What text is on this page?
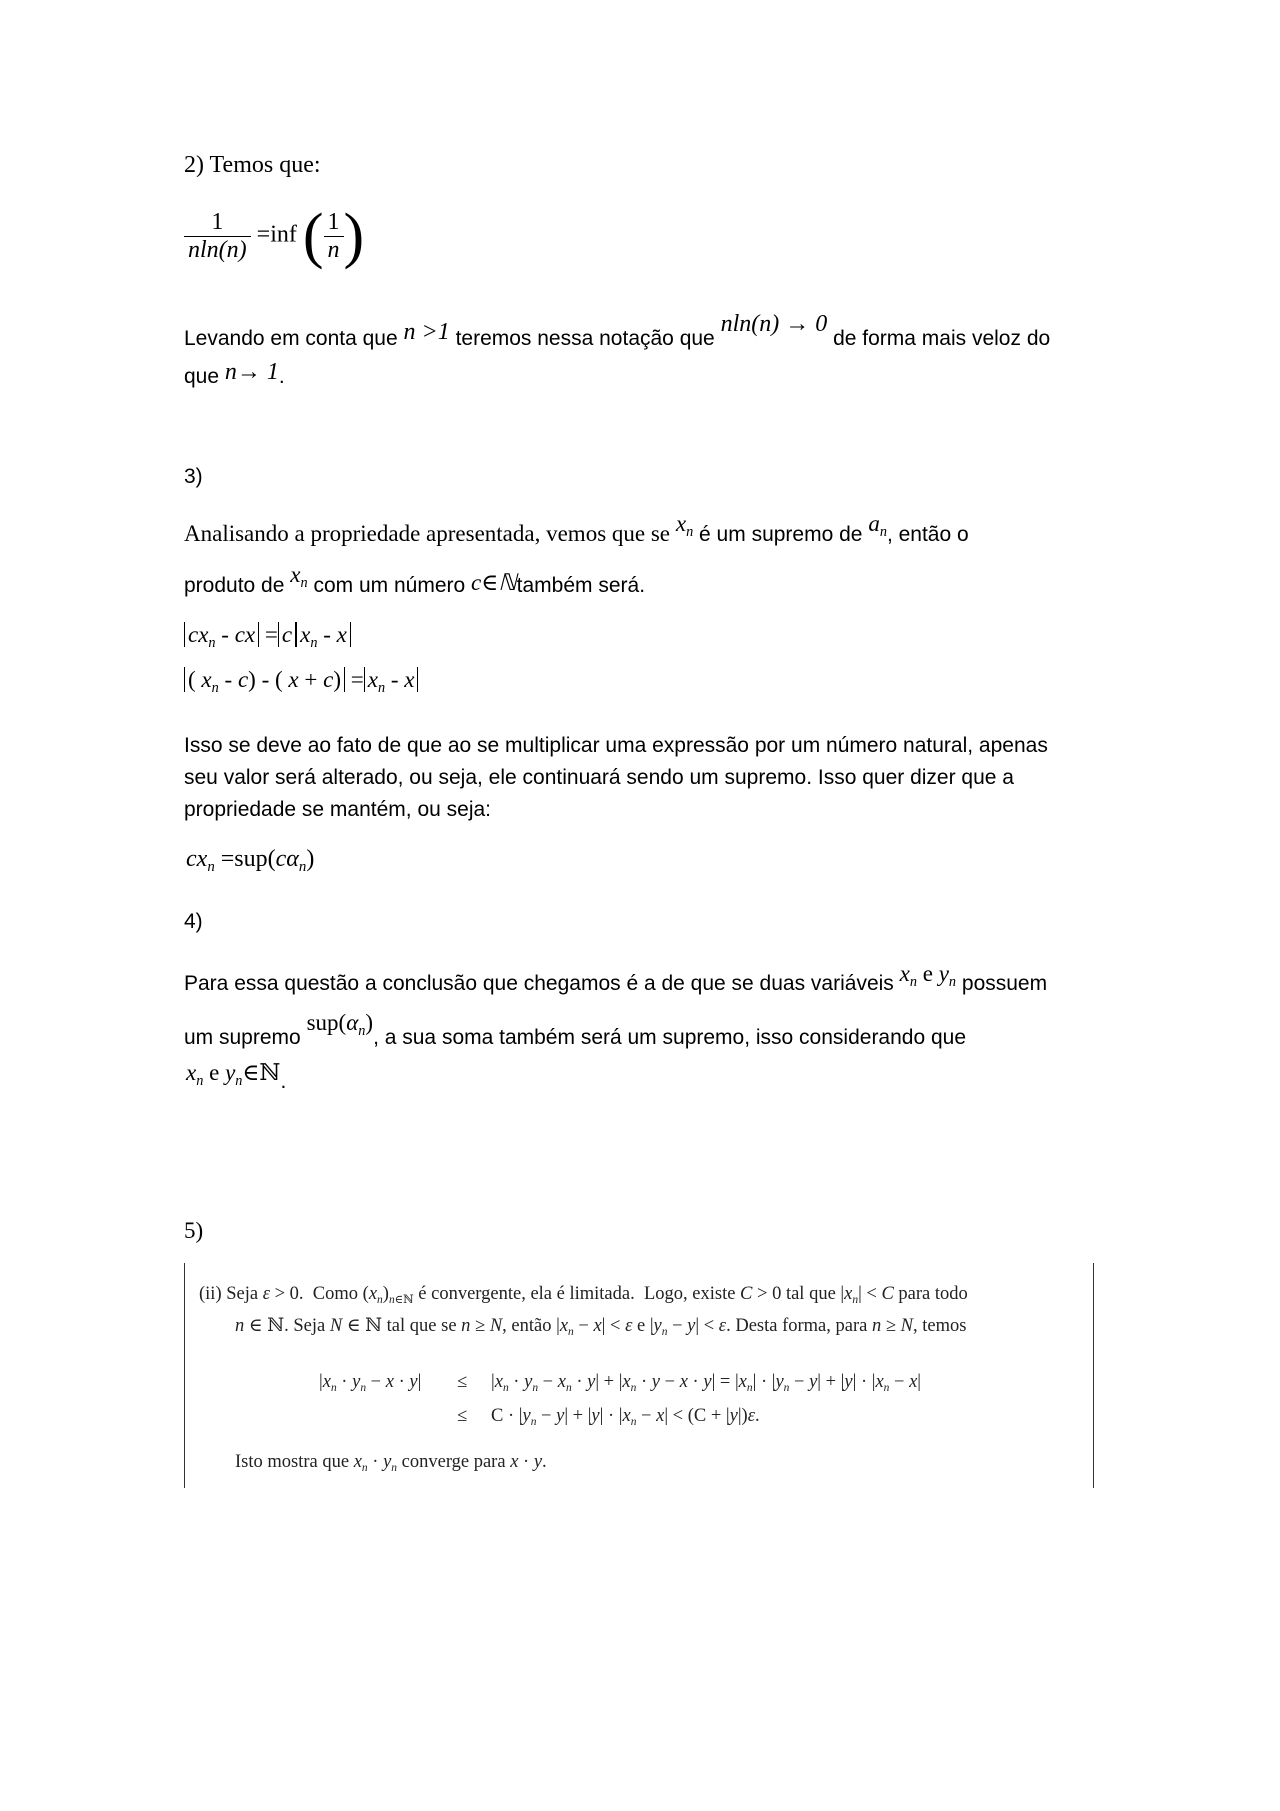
2) Temos que:
$\frac{1}{nln(n)} =inf$ ( $\frac{1}{n}$ )
Levando em conta que n >1 teremos nessa notação que nln(n) → 0 de forma mais veloz do
que n→ 1.
3)
Analisando a propriedade apresentada, vemos que se $x_n$ é um supremo de $a_n$, então o
produto de $x_n$ com um número c∈ℕtambém será.
$cx_n$ - cx = c $x_n$ - x
( $x_n - c$) - ( $x + c) = x_n - x$
Isso se deve ao fato de que ao se multiplicar uma expressão por um número natural, apenas
seu valor será alterado, ou seja, ele continuará sendo um supremo. Isso quer dizer que a
propriedade se mantém, ou seja:
$cx_n =sup(c\alpha_n)$
4)
Para essa questão a conclusão que chegamos é a de que se duas variáveis $x_n$ e $y_n$ possuem
um supremo $sup(\alpha_n)$, a sua soma também será um supremo, isso considerando que
$x_n$ e $y_n\in ℕ$.
5)
(ii) Seja ε > 0.  Como $(x_n)_{n\in ℕ}$ é convergente, ela é limitada.  Logo, existe C > 0 tal que $|x_n| < C$ para todo
n ∈ ℕ. Seja N ∈ ℕ tal que se n ≥ N, então $|x_n - x| < \varepsilon$ e $|y_n - y| < \varepsilon$. Desta forma, para n ≥ N, temos
$|x_n \cdot y_n - x \cdot y| \le |x_n \cdot y_n - x_n \cdot y| + |x_n \cdot y - x \cdot y| = |x_n| \cdot |y_n - y| + |y| \cdot |x_n - x|$
≤ $C \cdot |y_n - y| + |y| \cdot |x_n - x| < (C + |y|)\varepsilon$.
Isto mostra que $x_n \cdot y_n$ converge para x · y.
